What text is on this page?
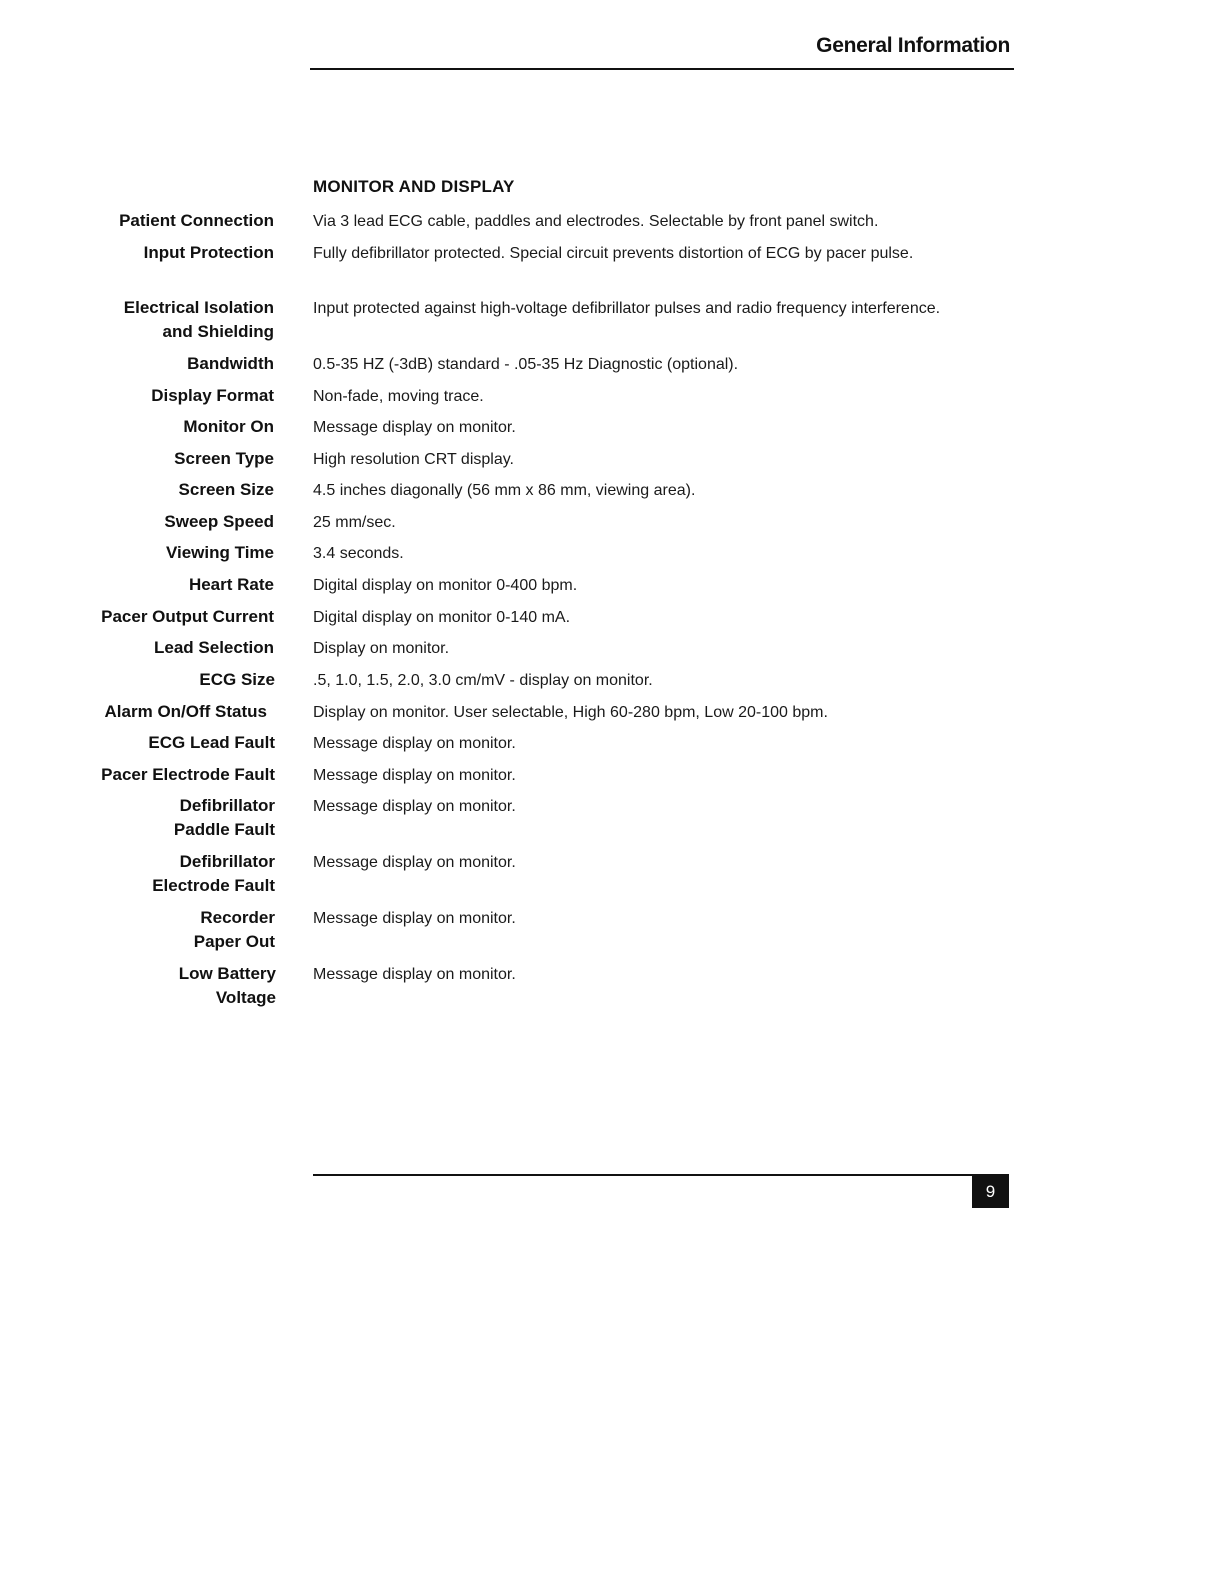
General Information
MONITOR AND DISPLAY
Patient Connection Via 3 lead ECG cable, paddles and electrodes. Selectable by front panel switch.
Input Protection Fully defibrillator protected. Special circuit prevents distortion of ECG by pacer pulse.
Electrical Isolation
and Shielding
Input protected against high-voltage defibrillator pulses and radio frequency interference.
Bandwidth 0.5-35 HZ (-3dB) standard - .05-35 Hz Diagnostic (optional).
Display Format Non-fade, moving trace.
Monitor On Message display on monitor.
Screen Type High resolution CRT display.
Screen Size 4.5 inches diagonally (56 mm x 86 mm, viewing area).
Sweep Speed 25 mm/sec.
Viewing Time 3.4 seconds.
Heart Rate Digital display on monitor 0-400 bpm.
Pacer Output Current Digital display on monitor 0-140 mA.
Lead Selection Display on monitor.
ECG Size .5, 1.0, 1.5, 2.0, 3.0 cm/mV - display on monitor.
Alarm On/Off Status	Display on monitor. User selectable, High 60-280 bpm, Low 20-100 bpm.
ECG Lead Fault Message display on monitor.
Pacer Electrode Fault Message display on monitor.
Defibrillator
Paddle Fault
Message display on monitor.
Defibrillator
Electrode Fault
Message display on monitor.
Recorder
Paper Out
Message display on monitor.
Low Battery
Voltage
Message display on monitor.
9
